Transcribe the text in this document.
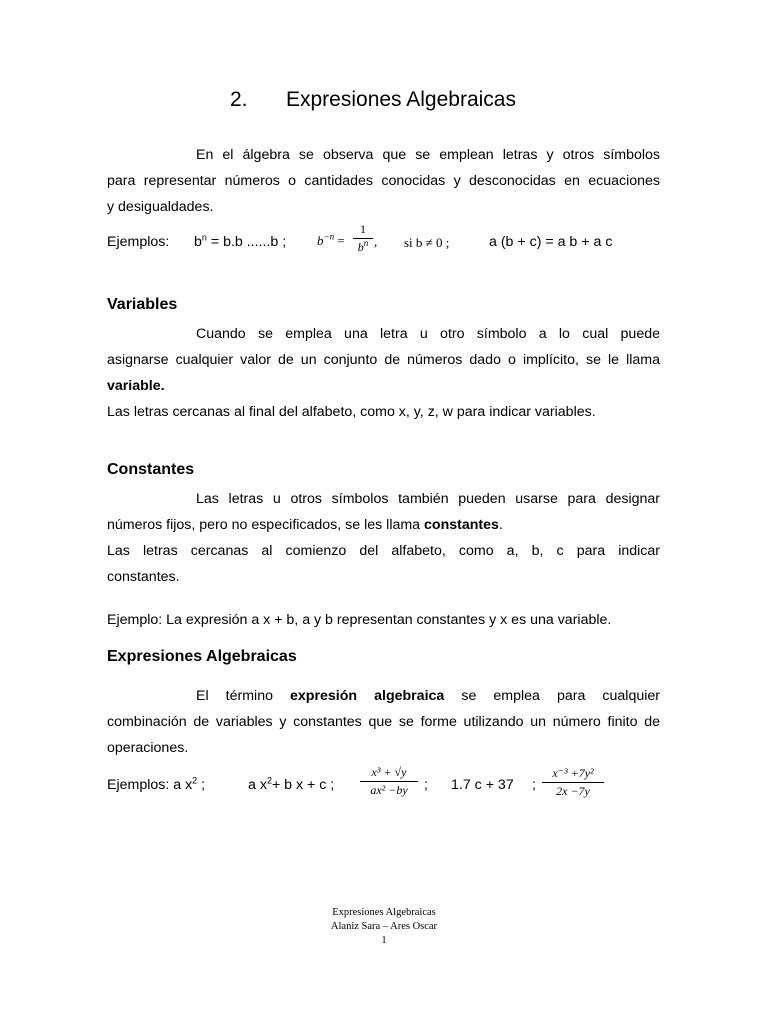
2. Expresiones Algebraicas
En el álgebra se observa que se emplean letras y otros símbolos
para representar números o cantidades conocidas y desconocidas en ecuaciones
y desigualdades.
Ejemplos: $b^n = b.b$ ......b ; $b^{-n}$ =
1
$b^n$ , si b ≠ 0 ;	a (b + c) = a b + a c
Variables
Cuando se emplea una letra u otro símbolo a lo cual puede
asignarse cualquier valor de un conjunto de números dado o implícito, se le llama
variable.
Las letras cercanas al final del alfabeto, como x, y, z, w para indicar variables.
Constantes
Las letras u otros símbolos también pueden usarse para designar
números fijos, pero no especificados, se les llama constantes.
Las letras cercanas al comienzo del alfabeto, como a, b, c para indicar
constantes.
Ejemplo: La expresión a x + b, a y b representan constantes y x es una variable.
Expresiones Algebraicas
El término expresión algebraica se emplea para cualquier
combinación de variables y constantes que se forme utilizando un número finito de
operaciones.
Ejemplos: a $x^2$ ;	a $x^2+ b$ x + c ;
x³ + √y
ax² −by	; 1.7 c + 37 ;
x⁻³ +7y²
2x −7y
Expresiones Algebraicas
Alaniz Sara – Ares Oscar
1
